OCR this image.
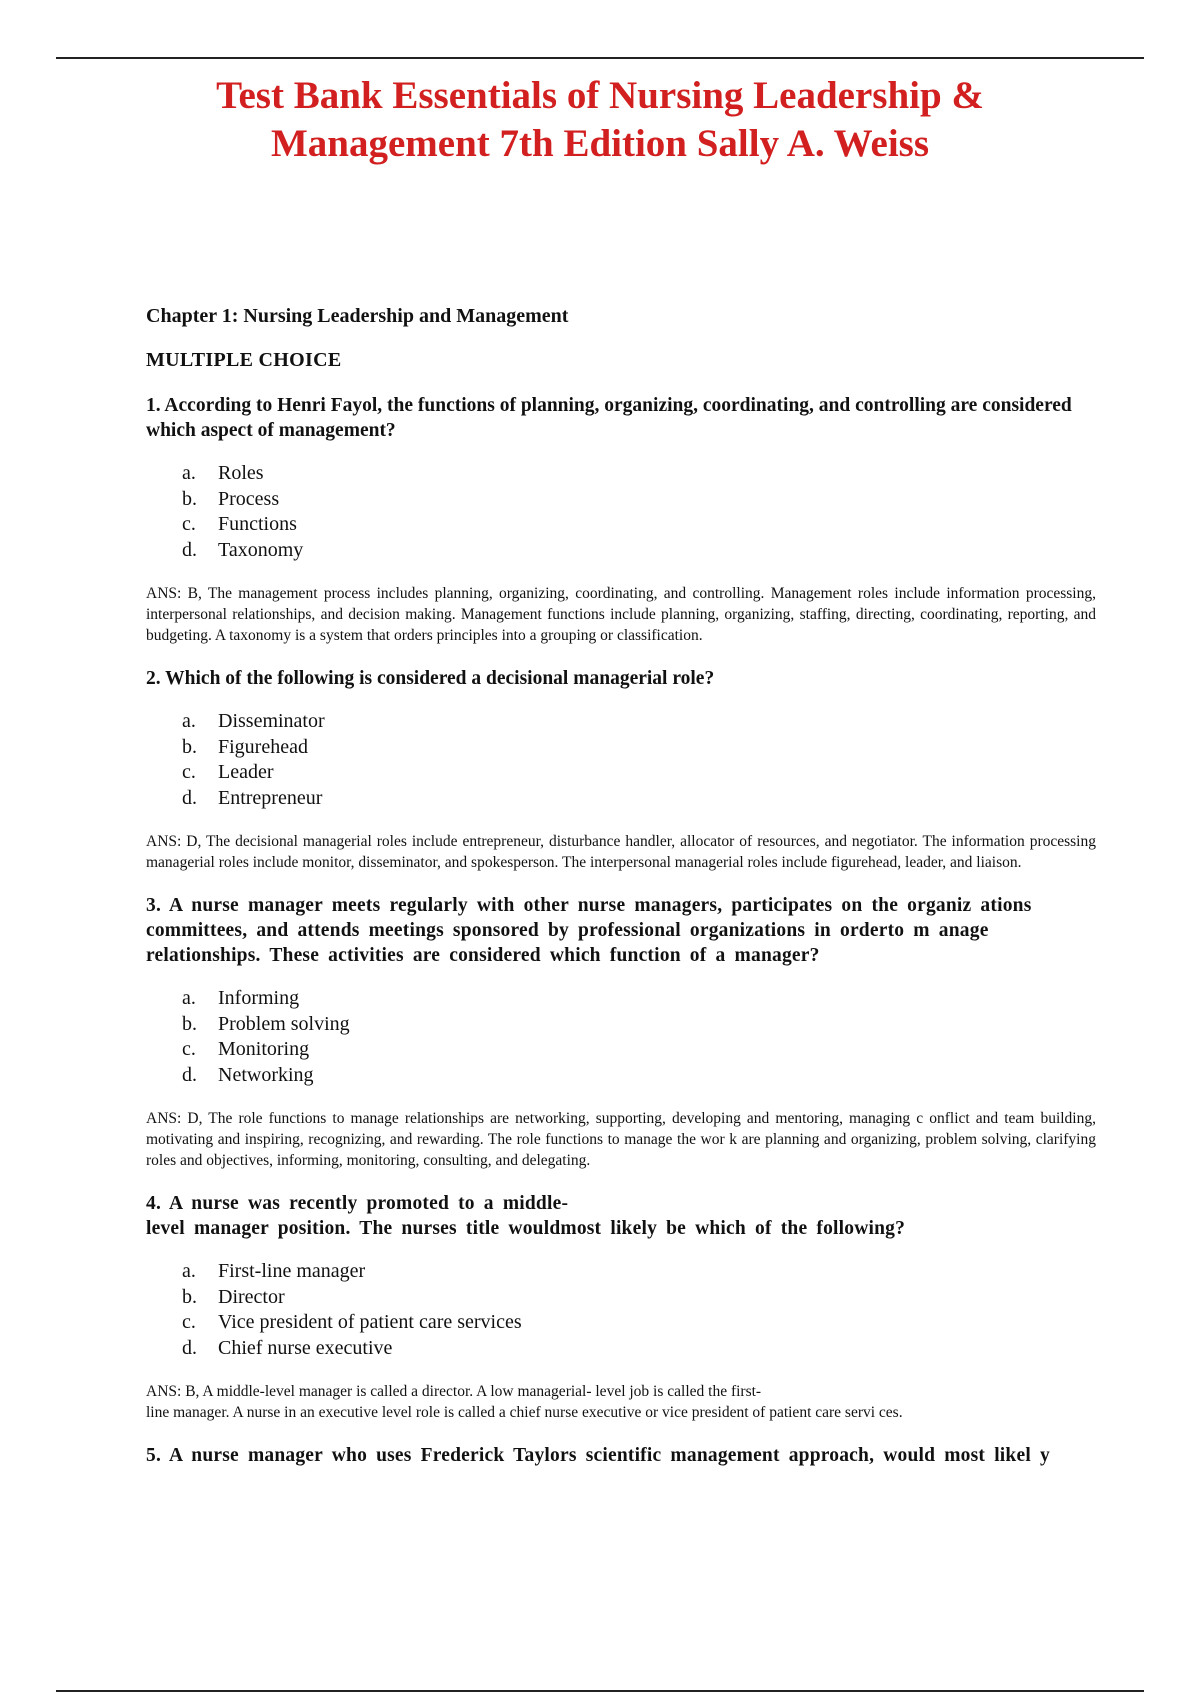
Test Bank Essentials of Nursing Leadership &
Management 7th Edition Sally A. Weiss
Chapter 1: Nursing Leadership and Management
MULTIPLE CHOICE
1. According to Henri Fayol, the functions of planning, organizing, coordinating, and controlling are considered which aspect of management?
a.	Roles
b.	Process
c.	Functions
d.	Taxonomy
ANS: B, The management process includes planning, organizing, coordinating, and controlling. Management roles include information processing, interpersonal relationships, and decision making. Management functions include planning, organizing, staffing, directing, coordinating, reporting, and budgeting. A taxonomy is a system that orders principles into a grouping or classification.
2. Which of the following is considered a decisional managerial role?
a.	Disseminator
b.	Figurehead
c.	Leader
d.	Entrepreneur
ANS: D, The decisional managerial roles include entrepreneur, disturbance handler, allocator of resources, and negotiator. The information processing managerial roles include monitor, disseminator, and spokesperson. The interpersonal managerial roles include figurehead, leader, and liaison.
3. A nurse manager meets regularly with other nurse managers, participates on the organiz ations committees, and attends meetings sponsored by professional organizations in orderto m anage relationships. These activities are considered which function of a manager?
a.	Informing
b.	Problem solving
c.	Monitoring
d.	Networking
ANS: D, The role functions to manage relationships are networking, supporting, developing and mentoring, managing c onflict and team building, motivating and inspiring, recognizing, and rewarding. The role functions to manage the wor k are planning and organizing, problem solving, clarifying roles and objectives, informing, monitoring, consulting, and delegating.
4. A nurse was recently promoted to a middle-
level manager position. The nurses title wouldmost likely be which of the following?
a.	First-line manager
b.	Director
c.	Vice president of patient care services
d.	Chief nurse executive
ANS: B, A middle-level manager is called a director. A low managerial- level job is called the first-
line manager. A nurse in an executive level role is called a chief nurse executive or vice president of patient care servi ces.
5. A nurse manager who uses Frederick Taylors scientific management approach, would most likel y
